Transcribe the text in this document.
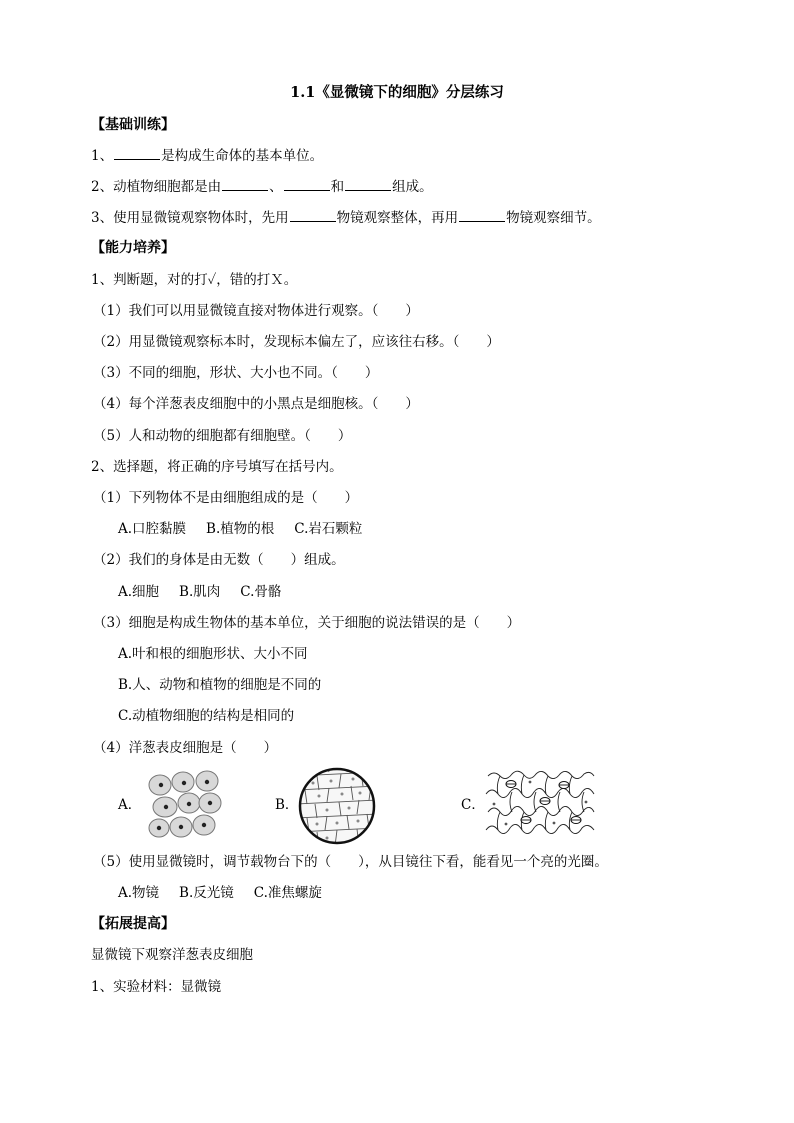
1.1《显微镜下的细胞》分层练习
【基础训练】
1、	是构成生命体的基本单位。
2、动植物细胞都是由	、	和	组成。
3、使用显微镜观察物体时，先用	物镜观察整体，再用	物镜观察细节。
【能力培养】
1、判断题，对的打✓，错的打Ｘ。
（1）我们可以用显微镜直接对物体进行观察。（　　）
（2）用显微镜观察标本时，发现标本偏左了，应该往右移。（　　）
（3）不同的细胞，形状、大小也不同。（　　）
（4）每个洋葱表皮细胞中的小黑点是细胞核。（　　）
（5）人和动物的细胞都有细胞壁。（　　）
2、选择题，将正确的序号填写在括号内。
（1）下列物体不是由细胞组成的是（　　）
A.口腔黏膜 B.植物的根 C.岩石颗粒
（2）我们的身体是由无数（　　）组成。
A.细胞 B.肌肉 C.骨骼
（3）细胞是构成生物体的基本单位，关于细胞的说法错误的是（　　）
A.叶和根的细胞形状、大小不同
B.人、动物和植物的细胞是不同的
C.动植物细胞的结构是相同的
（4）洋葱表皮细胞是（　　）
A．	B．	C．
（5）使用显微镜时，调节载物台下的（　　），从目镜往下看，能看见一个亮的光圈。
A.物镜 B.反光镜 C.准焦螺旋
【拓展提高】
显微镜下观察洋葱表皮细胞
1、实验材料：显微镜
